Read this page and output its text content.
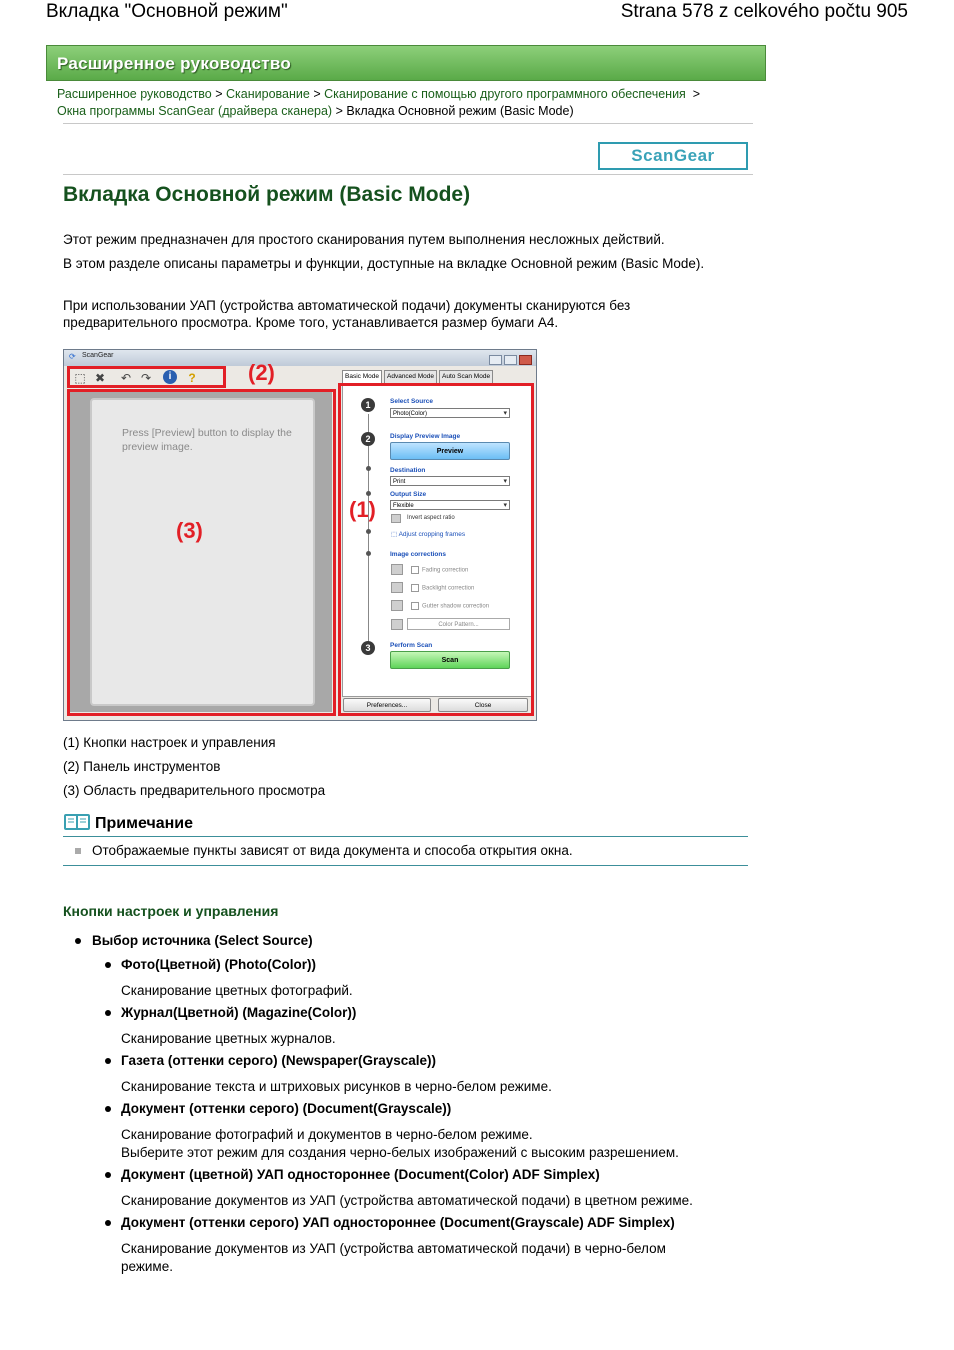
Вкладка "Основной режим"	Strana 578 z celkového počtu 905
Расширенное руководство
Расширенное руководство > Сканирование > Сканирование с помощью другого программного обеспечения >
Окна программы ScanGear (драйвера сканера) > Вкладка Основной режим (Basic Mode)
ScanGear
Вкладка Основной режим (Basic Mode)
Этот режим предназначен для простого сканирования путем выполнения несложных действий.
В этом разделе описаны параметры и функции, доступные на вкладке Основной режим (Basic Mode).
При использовании УАП (устройства автоматической подачи) документы сканируются без предварительного просмотра. Кроме того, устанавливается размер бумаги A4.
⟳ ScanGear
⬚ ✖ ↶ ↷	i	?
Press [Preview] button to display the preview image.
Basic Mode	Advanced Mode	Auto Scan Mode
1
2
3
Select Source
Photo(Color) ▾
Display Preview Image
Preview
Destination
Print ▾
Output Size
Flexible ▾
Invert aspect ratio
⬚ Adjust cropping frames
Image corrections
Fading correction
Backlight correction
Gutter shadow correction
Color Pattern...
Perform Scan
Scan
Preferences...	Close
(2)
(3)
(1)
(1) Кнопки настроек и управления
(2) Панель инструментов
(3) Область предварительного просмотра
Примечание
Отображаемые пункты зависят от вида документа и способа открытия окна.
Кнопки настроек и управления
Выбор источника (Select Source)
Фото(Цветной) (Photo(Color))
Сканирование цветных фотографий.
Журнал(Цветной) (Magazine(Color))
Сканирование цветных журналов.
Газета (оттенки серого) (Newspaper(Grayscale))
Сканирование текста и штриховых рисунков в черно-белом режиме.
Документ (оттенки серого) (Document(Grayscale))
Сканирование фотографий и документов в черно-белом режиме.
Выберите этот режим для создания черно-белых изображений с высоким разрешением.
Документ (цветной) УАП одностороннее (Document(Color) ADF Simplex)
Сканирование документов из УАП (устройства автоматической подачи) в цветном режиме.
Документ (оттенки серого) УАП одностороннее (Document(Grayscale) ADF Simplex)
Сканирование документов из УАП (устройства автоматической подачи) в черно-белом режиме.
